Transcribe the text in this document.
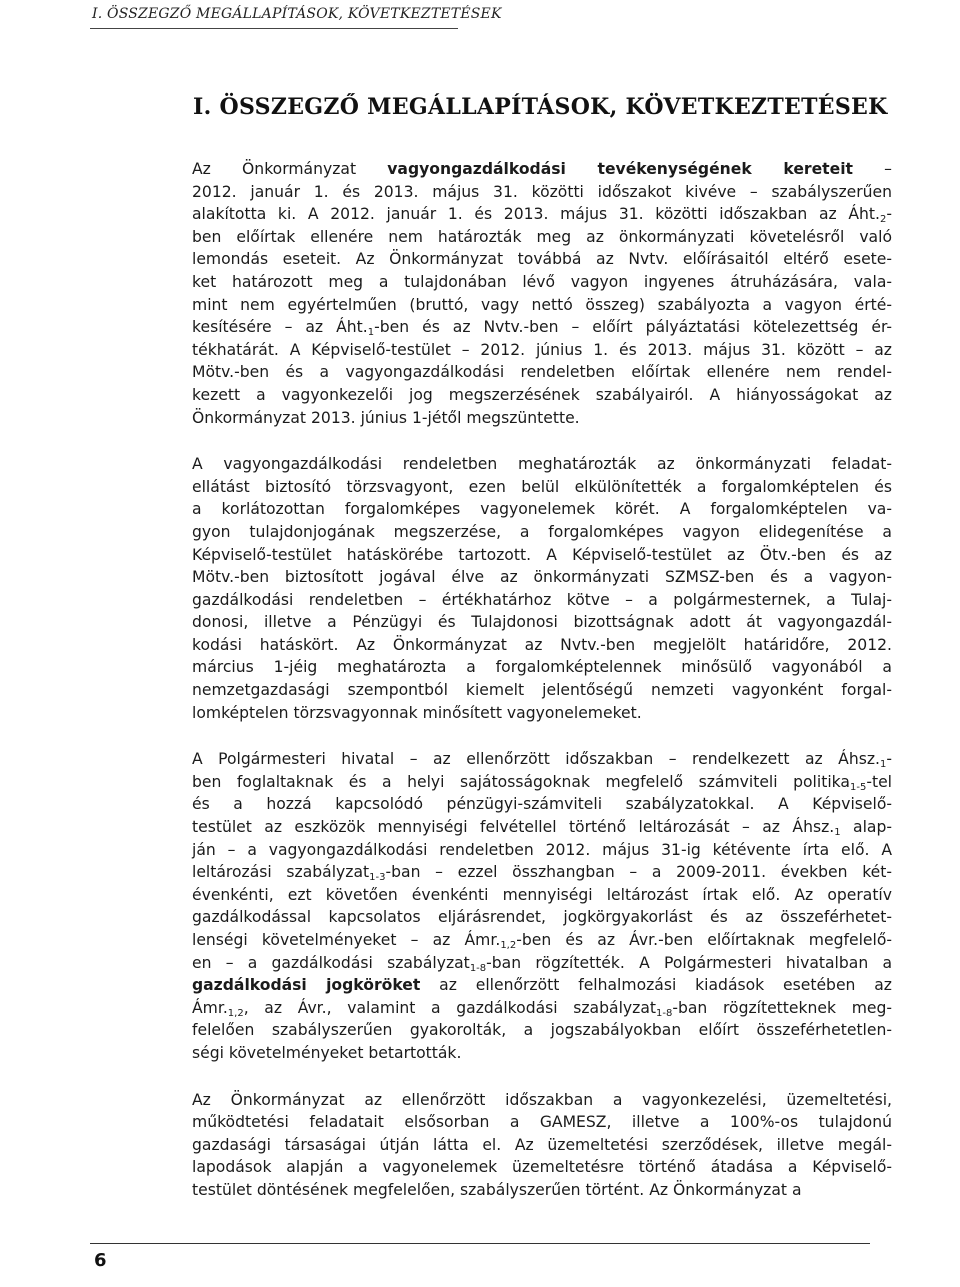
I. ÖSSZEGZŐ MEGÁLLAPÍTÁSOK, KÖVETKEZTETÉSEK
I. ÖSSZEGZŐ MEGÁLLAPÍTÁSOK, KÖVETKEZTETÉSEK

Az Önkormányzat vagyongazdálkodási tevékenységének kereteit –
2012. január 1. és 2013. május 31. közötti időszakot kivéve – szabályszerűen
alakította ki. A 2012. január 1. és 2013. május 31. közötti időszakban az $Áht._2-$
ben előírtak ellenére nem határozták meg az önkormányzati követelésről való
lemondás eseteit. Az Önkormányzat továbbá az Nvtv. előírásaitól eltérő esete-
ket határozott meg a tulajdonában lévő vagyon ingyenes átruházására, vala-
mint nem egyértelműen (bruttó, vagy nettó összeg) szabályozta a vagyon érté-
kesítésére – az $Áht._1$-ben és az Nvtv.-ben – előírt pályáztatási kötelezettség ér-
tékhatárát. A Képviselő-testület – 2012. június 1. és 2013. május 31. között – az
Mötv.-ben és a vagyongazdálkodási rendeletben előírtak ellenére nem rendel-
kezett a vagyonkezelői jog megszerzésének szabályairól. A hiányosságokat az
Önkormányzat 2013. június 1-jétől megszüntette.

A vagyongazdálkodási rendeletben meghatározták az önkormányzati feladat-
ellátást biztosító törzsvagyont, ezen belül elkülönítették a forgalomképtelen és
a korlátozottan forgalomképes vagyonelemek körét. A forgalomképtelen va-
gyon tulajdonjogának megszerzése, a forgalomképes vagyon elidegenítése a
Képviselő-testület hatáskörébe tartozott. A Képviselő-testület az Ötv.-ben és az
Mötv.-ben biztosított jogával élve az önkormányzati SZMSZ-ben és a vagyon-
gazdálkodási rendeletben – értékhatárhoz kötve – a polgármesternek, a Tulaj-
donosi, illetve a Pénzügyi és Tulajdonosi bizottságnak adott át vagyongazdál-
kodási hatáskört. Az Önkormányzat az Nvtv.-ben megjelölt határidőre, 2012.
március 1-jéig meghatározta a forgalomképtelennek minősülő vagyonából a
nemzetgazdasági szempontból kiemelt jelentőségű nemzeti vagyonként forgal-
lomképtelen törzsvagyonnak minősített vagyonelemeket.

A Polgármesteri hivatal – az ellenőrzött időszakban – rendelkezett az $Áhsz._1-$
ben foglaltaknak és a helyi sajátosságoknak megfelelő számviteli politika$_{1-5}$-tel
és a hozzá kapcsolódó pénzügyi-számviteli szabályzatokkal. A Képviselő-
testület az eszközök mennyiségi felvétellel történő leltározását – az $Áhsz._1$ alap-
ján – a vagyongazdálkodási rendeletben 2012. május 31-ig kétévente írta elő. A
leltározási szabályzat$_{1-3}$-ban – ezzel összhangban – a 2009-2011. években két-
évenkénti, ezt követően évenkénti mennyiségi leltározást írtak elő. Az operatív
gazdálkodással kapcsolatos eljárásrendet, jogkörgyakorlást és az összeférhetet-
lenségi követelményeket – az $Ámr._{1,2}$-ben és az Ávr.-ben előírtaknak megfelelő-
en – a gazdálkodási szabályzat$_{1-8}$-ban rögzítették. A Polgármesteri hivatalban a
gazdálkodási jogköröket az ellenőrzött felhalmozási kiadások esetében az
$Ámr._{1,2}$, az Ávr., valamint a gazdálkodási szabályzat$_{1-8}$-ban rögzítetteknek meg-
felelően szabályszerűen gyakorolták, a jogszabályokban előírt összeférhetetlen-
ségi követelményeket betartották.

Az Önkormányzat az ellenőrzött időszakban a vagyonkezelési, üzemeltetési,
működtetési feladatait elsősorban a GAMESZ, illetve a 100%-os tulajdonú
gazdasági társaságai útján látta el. Az üzemeltetési szerződések, illetve megál-
lapodások alapján a vagyonelemek üzemeltetésre történő átadása a Képviselő-
testület döntésének megfelelően, szabályszerűen történt. Az Önkormányzat a

6
